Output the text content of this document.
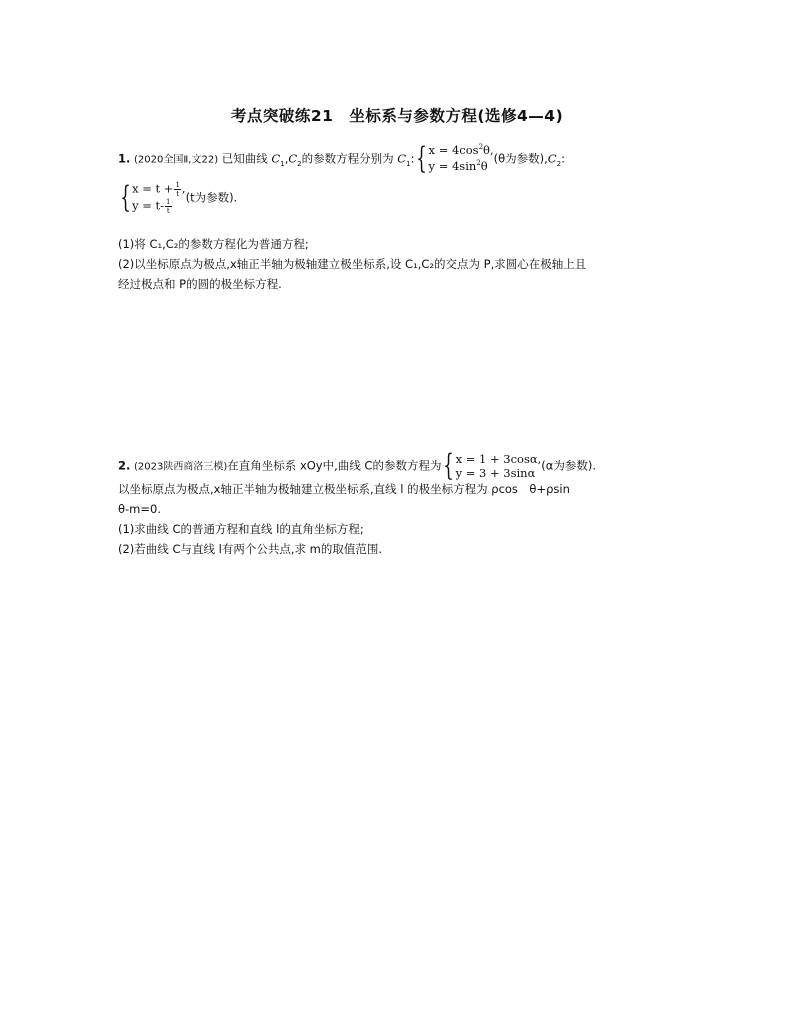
考点突破练21　坐标系与参数方程(选修4—4)
1. (2020全国Ⅱ,文22) 已知曲线 $C_1,C_2$的参数方程分别为 $C_1$:{ $x = 4\cos^2\theta$,
$y = 4\sin^2\theta$
(θ为参数)$,C_2$:
{ $x = t + \frac{1}{t}$ ,
$y = t- \frac{1}{t}$
(t为参数).
(1)将 C₁,C₂的参数方程化为普通方程;
(2)以坐标原点为极点,x轴正半轴为极轴建立极坐标系,设 C₁,C₂的交点为 P,求圆心在极轴上且
经过极点和 P的圆的极坐标方程.
2. (2023陕西商洛三模)在直角坐标系 xOy中,曲线 C的参数方程为{ x = 1 + 3cosα,
y = 3 + 3sinα
(α为参数).
以坐标原点为极点,x轴正半轴为极轴建立极坐标系,直线 l 的极坐标方程为 ρcos　θ+ρsin
θ-m=0.
(1)求曲线 C的普通方程和直线 l的直角坐标方程;
(2)若曲线 C与直线 l有两个公共点,求 m的取值范围.
